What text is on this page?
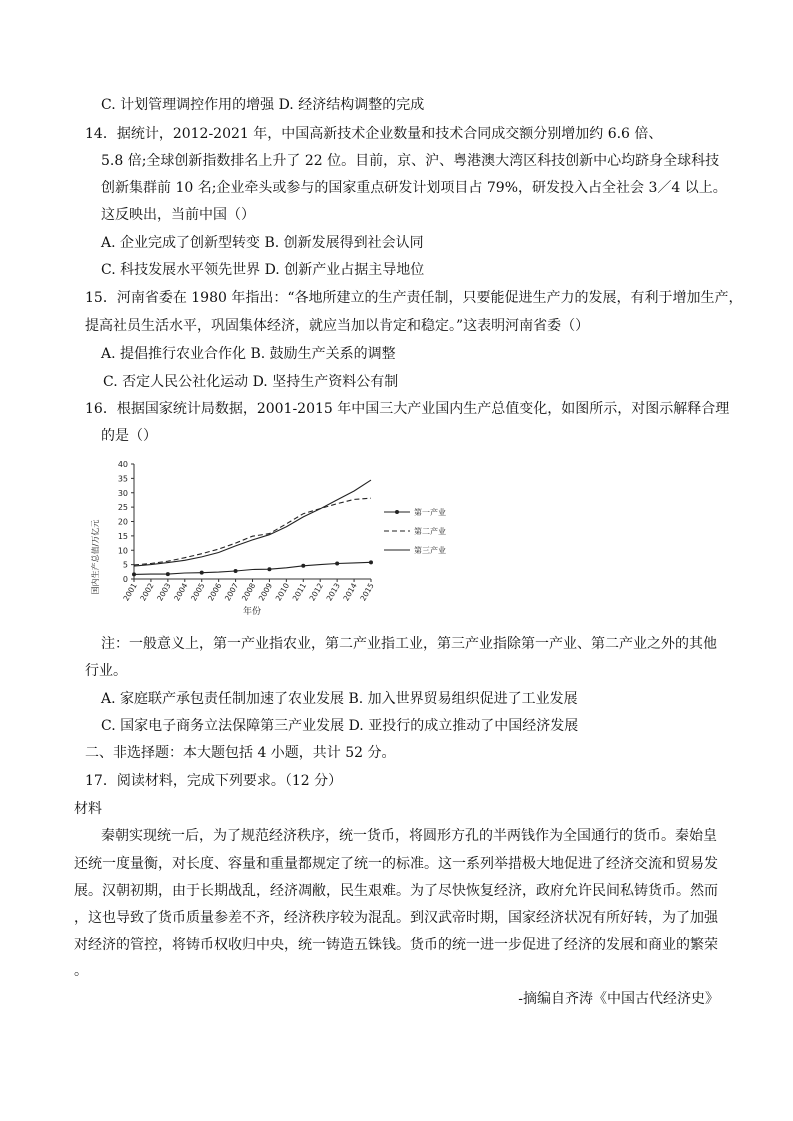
C. 计划管理调控作用的增强 D. 经济结构调整的完成
14．据统计，2012-2021 年，中国高新技术企业数量和技术合同成交额分别增加约 6.6 倍、
5.8 倍;全球创新指数排名上升了 22 位。目前，京、沪、粤港澳大湾区科技创新中心均跻身全球科技
创新集群前 10 名;企业牵头或参与的国家重点研发计划项目占 79%，研发投入占全社会 3／4 以上。
这反映出，当前中国（）
A. 企业完成了创新型转变 B. 创新发展得到社会认同
C. 科技发展水平领先世界 D. 创新产业占据主导地位
15．河南省委在 1980 年指出：“各地所建立的生产责任制，只要能促进生产力的发展，有利于增加生产，
提高社员生活水平，巩固集体经济，就应当加以肯定和稳定。”这表明河南省委（）
A. 提倡推行农业合作化 B. 鼓励生产关系的调整
C. 否定人民公社化运动 D. 坚持生产资料公有制
16．根据国家统计局数据，2001-2015 年中国三大产业国内生产总值变化，如图所示，对图示解释合理
的是（）
0
5
10
15
20
25
30
35
40
2001 2002 2003 2004 2005 2006 2007 2008 2009 2010 2011 2012 2013 2014 2015
第一产业
第二产业
第三产业
国内生产总值/万亿元
年份
注：一般意义上，第一产业指农业，第二产业指工业，第三产业指除第一产业、第二产业之外的其他
行业。
A. 家庭联产承包责任制加速了农业发展 B. 加入世界贸易组织促进了工业发展
C. 国家电子商务立法保障第三产业发展 D. 亚投行的成立推动了中国经济发展
二、非选择题：本大题包括 4 小题，共计 52 分。
17．阅读材料，完成下列要求。（12 分）
材料
秦朝实现统一后，为了规范经济秩序，统一货币，将圆形方孔的半两钱作为全国通行的货币。秦始皇
还统一度量衡，对长度、容量和重量都规定了统一的标准。这一系列举措极大地促进了经济交流和贸易发
展。汉朝初期，由于长期战乱，经济凋敝，民生艰难。为了尽快恢复经济，政府允许民间私铸货币。然而
，这也导致了货币质量参差不齐，经济秩序较为混乱。到汉武帝时期，国家经济状况有所好转，为了加强
对经济的管控，将铸币权收归中央，统一铸造五铢钱。货币的统一进一步促进了经济的发展和商业的繁荣
。
-摘编自齐涛《中国古代经济史》
